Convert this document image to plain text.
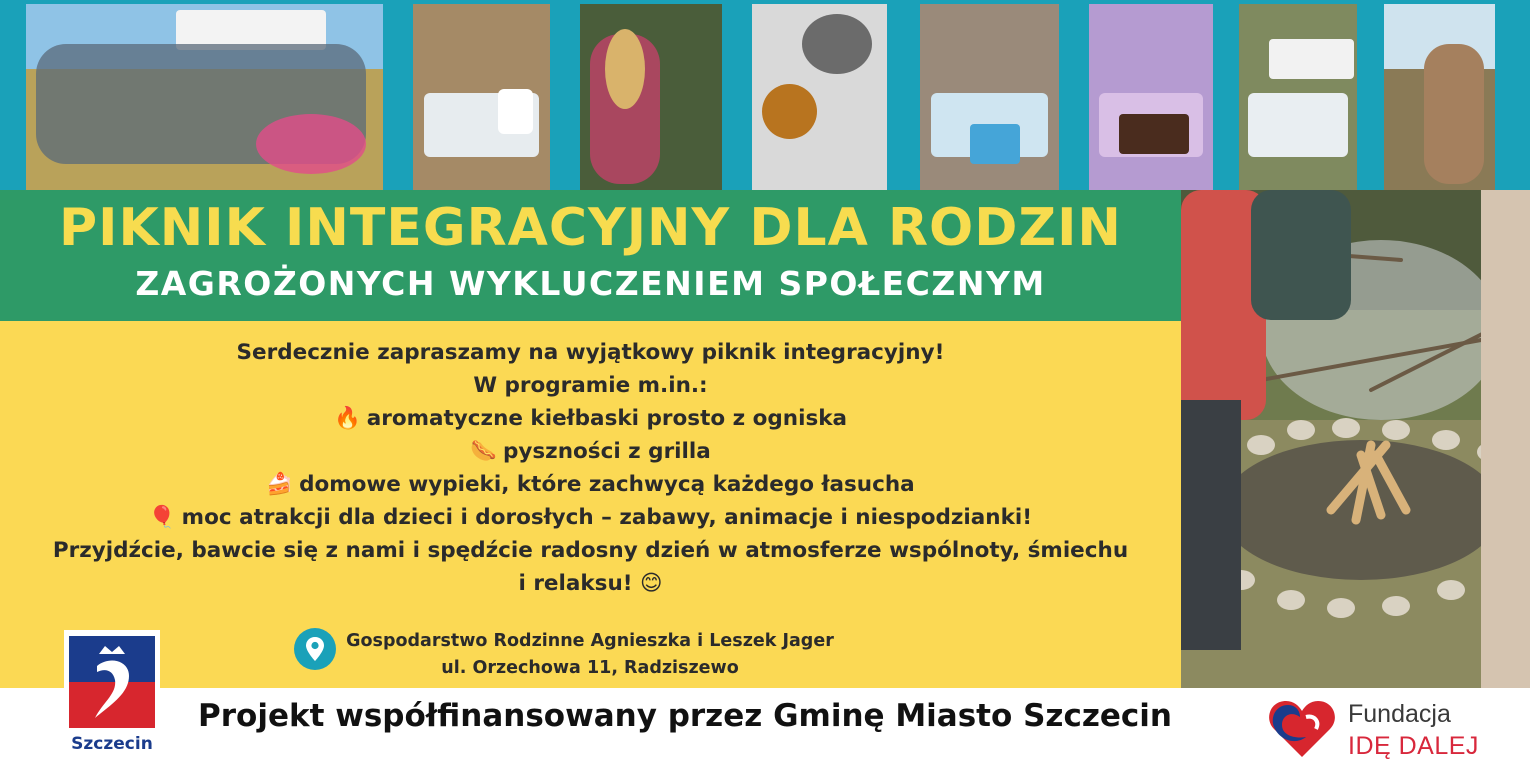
PIKNIK INTEGRACYJNY DLA RODZIN
ZAGROŻONYCH WYKLUCZENIEM SPOŁECZNYM
Serdecznie zapraszamy na wyjątkowy piknik integracyjny!
W programie m.in.:
🔥 aromatyczne kiełbaski prosto z ogniska
🌭 pyszności z grilla
🍰 domowe wypieki, które zachwycą każdego łasucha
🎈 moc atrakcji dla dzieci i dorosłych – zabawy, animacje i niespodzianki!
Przyjdźcie, bawcie się z nami i spędźcie radosny dzień w atmosferze wspólnoty, śmiechu
i relaksu! 😊
Gospodarstwo Rodzinne Agnieszka i Leszek Jager
ul. Orzechowa 11, Radziszewo
Szczecin
Projekt współfinansowany przez Gminę Miasto Szczecin	Fundacja
IDĘ DALEJ
